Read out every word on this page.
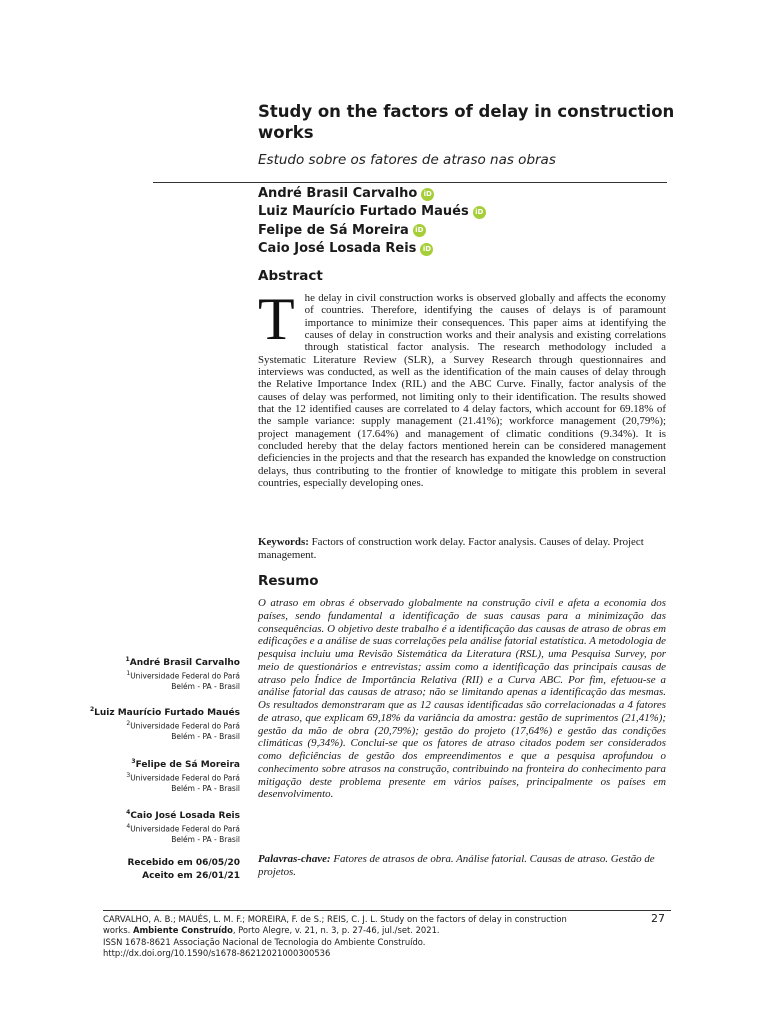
Study on the factors of delay in construction works
Estudo sobre os fatores de atraso nas obras
André Brasil Carvalho iD
Luiz Maurício Furtado Maués iD
Felipe de Sá Moreira iD
Caio José Losada Reis iD
Abstract
The delay in civil construction works is observed globally and affects the economy of countries. Therefore, identifying the causes of delays is of paramount importance to minimize their consequences. This paper aims at identifying the causes of delay in construction works and their analysis and existing correlations through statistical factor analysis. The research methodology included a Systematic Literature Review (SLR), a Survey Research through questionnaires and interviews was conducted, as well as the identification of the main causes of delay through the Relative Importance Index (RIL) and the ABC Curve. Finally, factor analysis of the causes of delay was performed, not limiting only to their identification. The results showed that the 12 identified causes are correlated to 4 delay factors, which account for 69.18% of the sample variance: supply management (21.41%); workforce management (20,79%); project management (17.64%) and management of climatic conditions (9.34%). It is concluded hereby that the delay factors mentioned herein can be considered management deficiencies in the projects and that the research has expanded the knowledge on construction delays, thus contributing to the frontier of knowledge to mitigate this problem in several countries, especially developing ones.
Keywords: Factors of construction work delay. Factor analysis. Causes of delay. Project management.
Resumo
O atraso em obras é observado globalmente na construção civil e afeta a economia dos países, sendo fundamental a identificação de suas causas para a minimização das consequências. O objetivo deste trabalho é a identificação das causas de atraso de obras em edificações e a análise de suas correlações pela análise fatorial estatística. A metodologia de pesquisa incluiu uma Revisão Sistemática da Literatura (RSL), uma Pesquisa Survey, por meio de questionários e entrevistas; assim como a identificação das principais causas de atraso pelo Índice de Importância Relativa (RII) e a Curva ABC. Por fim, efetuou-se a análise fatorial das causas de atraso; não se limitando apenas a identificação das mesmas. Os resultados demonstraram que as 12 causas identificadas são correlacionadas a 4 fatores de atraso, que explicam 69,18% da variância da amostra: gestão de suprimentos (21,41%); gestão da mão de obra (20,79%); gestão do projeto (17,64%) e gestão das condições climáticas (9,34%). Conclui-se que os fatores de atraso citados podem ser considerados como deficiências de gestão dos empreendimentos e que a pesquisa aprofundou o conhecimento sobre atrasos na construção, contribuindo na fronteira do conhecimento para mitigação deste problema presente em vários países, principalmente os países em desenvolvimento.
Palavras-chave: Fatores de atrasos de obra. Análise fatorial. Causas de atraso. Gestão de projetos.
$^1$André Brasil Carvalho
$^1$Universidade Federal do Pará
Belém - PA - Brasil
$^2$Luiz Maurício Furtado Maués
$^2$Universidade Federal do Pará
Belém - PA - Brasil
$^3$Felipe de Sá Moreira
$^3$Universidade Federal do Pará
Belém - PA - Brasil
$^4$Caio José Losada Reis
$^4$Universidade Federal do Pará
Belém - PA - Brasil
Recebido em 06/05/20
Aceito em 26/01/21
27
CARVALHO, A. B.; MAUÉS, L. M. F.; MOREIRA, F. de S.; REIS, C. J. L. Study on the factors of delay in construction
works. Ambiente Construído, Porto Alegre, v. 21, n. 3, p. 27-46, jul./set. 2021.
ISSN 1678-8621 Associação Nacional de Tecnologia do Ambiente Construído.
http://dx.doi.org/10.1590/s1678-86212021000300536
